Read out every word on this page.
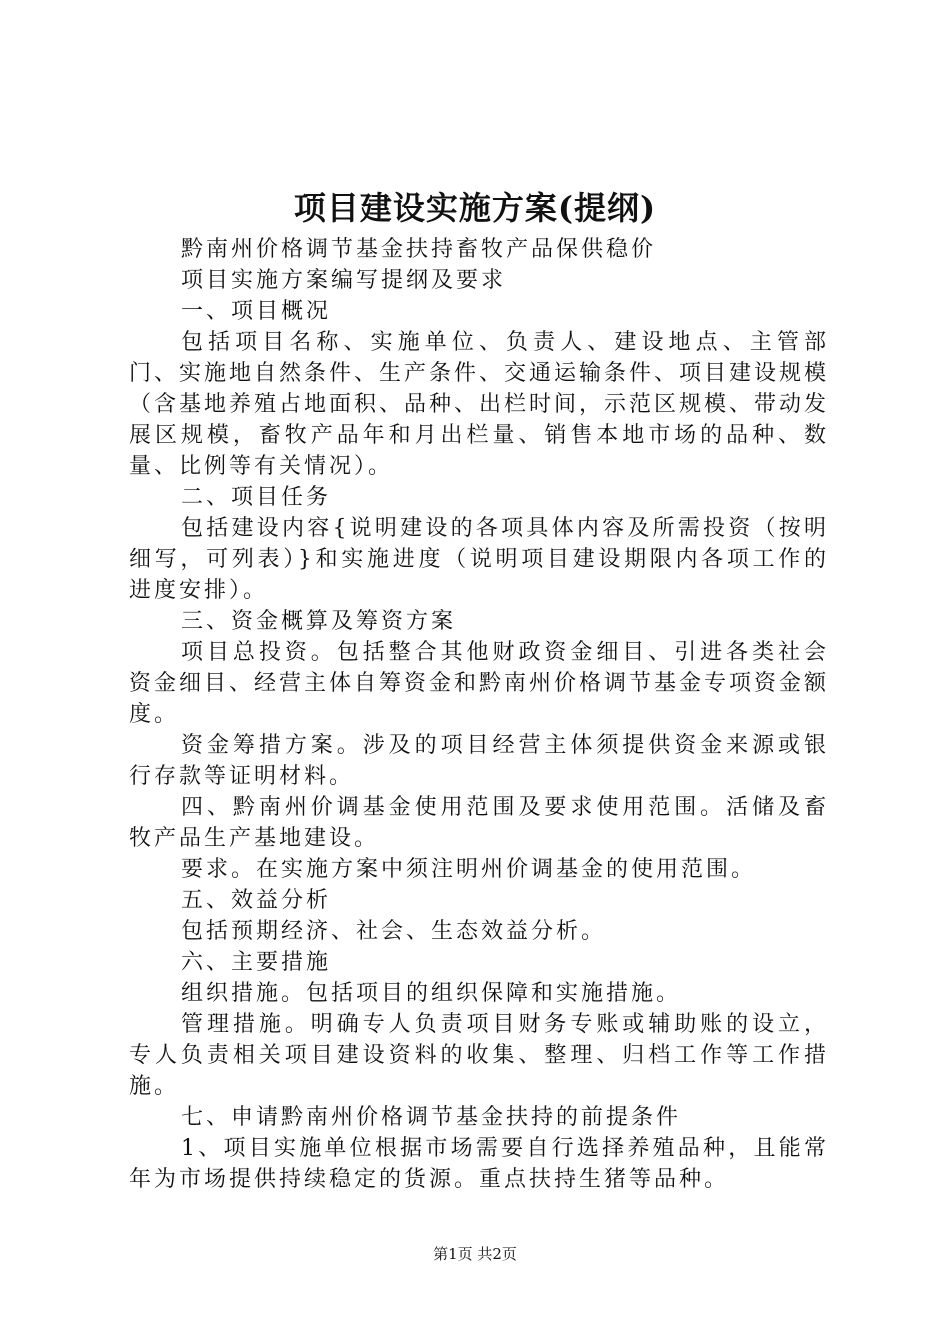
项目建设实施方案(提纲)

黔南州价格调节基金扶持畜牧产品保供稳价

项目实施方案编写提纲及要求

一、项目概况

包括项目名称、实施单位、负责人、建设地点、主管部门、实施地自然条件、生产条件、交通运输条件、项目建设规模（含基地养殖占地面积、品种、出栏时间，示范区规模、带动发展区规模，畜牧产品年和月出栏量、销售本地市场的品种、数量、比例等有关情况）。

二、项目任务

包括建设内容{说明建设的各项具体内容及所需投资（按明细写，可列表）}和实施进度（说明项目建设期限内各项工作的进度安排）。

三、资金概算及筹资方案

项目总投资。包括整合其他财政资金细目、引进各类社会资金细目、经营主体自筹资金和黔南州价格调节基金专项资金额度。

资金筹措方案。涉及的项目经营主体须提供资金来源或银行存款等证明材料。

四、黔南州价调基金使用范围及要求使用范围。活储及畜牧产品生产基地建设。

要求。在实施方案中须注明州价调基金的使用范围。

五、效益分析

包括预期经济、社会、生态效益分析。

六、主要措施

组织措施。包括项目的组织保障和实施措施。

管理措施。明确专人负责项目财务专账或辅助账的设立，专人负责相关项目建设资料的收集、整理、归档工作等工作措施。

七、申请黔南州价格调节基金扶持的前提条件

1、项目实施单位根据市场需要自行选择养殖品种，且能常年为市场提供持续稳定的货源。重点扶持生猪等品种。

第1页 共2页
